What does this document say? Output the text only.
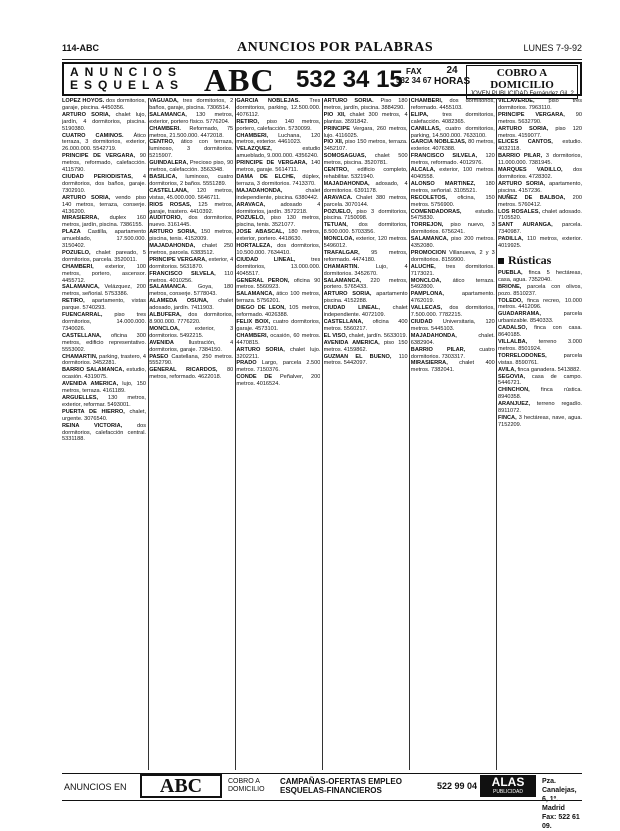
114-ABC	ANUNCIOS POR PALABRAS	LUNES 7-9-92
ANUNCIOS
ESQUELAS ABC 532 34 15 FAX
532 34 67
24
HORAS
COBRO A DOMICILIO
JOVEN PUBLICIDAD Fernández Gil, 2

LOPEZ HOYOS. dos dormitorios, garaje, piscina. 4450356.

ARTURO SORIA, chalet lujo, jardín, 4 dormitorios, piscina. 5190380.

CUATRO CAMINOS. Ático terraza, 3 dormitorios, exterior, 26.000.000. 5542719.

PRINCIPE DE VERGARA, 90 metros, reformado, calefacción. 4115790.

CIUDAD PERIODISTAS, 4 dormitorios, dos baños, garaje. 7302910.

ARTURO SORIA, vendo piso 140 metros, terraza, conserje. 4136200.

MIRASIERRA, duplex 160 metros, jardín, piscina. 7386155.

PLAZA Castilla, apartamento amueblado, 17.500.000. 3150402.

POZUELO, chalet pareado, 5 dormitorios, parcela. 3520011.

CHAMBERI, exterior, 100 metros, portero, ascensor. 4455712.

SALAMANCA, Velázquez, 200 metros, señorial. 5753386.

RETIRO, apartamento, vistas parque. 5740293.

FUENCARRAL, piso tres dormitorios, 14.000.000. 7340026.

CASTELLANA, oficina 300 metros, edificio representativo. 5553002.

CHAMARTIN, parking, trastero, 4 dormitorios. 3452281.

BARRIO SALAMANCA, estudio, ocasión. 4319075.

AVENIDA AMERICA, lujo, 150 metros, terraza. 4161189.

ARGUELLES, 130 metros, exterior, reformar. 5493001.

PUERTA DE HIERRO, chalet, urgente. 3076540.

REINA VICTORIA,	dos dormitorios, calefacción central. 5331188.

VAGUADA, tres dormitorios, 2 baños, garaje, piscina. 7306514.

SALAMANCA, 130 metros, exterior, portero físico. 5776204.

CHAMBERI. Reformado, 75 metros, 21.500.000. 4472018.

CENTRO, ático con terraza, luminoso, 3 dormitorios. 5215907.

GUINDALERA, Precioso piso, 90 metros, calefacción. 3563348.

BASILICA, luminoso, cuatro dormitorios, 2 baños. 5551289.

CASTELLANA, 120 metros, vistas, 45.000.000. 5646711.

RIOS ROSAS, 125 metros, garaje, trastero. 4410392.

AUDITORIO, dos dormitorios, nuevo. 3161445.

ARTURO SORIA, 150 metros, piscina, tenis. 4152009.

MAJADAHONDA, chalet 250 metros, parcela. 6383512.

PRINCIPE VERGARA, exterior, 4 dormitorios. 5631870.

FRANCISCO SILVELA, 110 metros. 4010256.

SALAMANCA. Goya, 180 metros, conserje. 5778043.

ALAMEDA OSUNA, chalet adosado, jardín. 7411903.

ALBUFERA, dos dormitorios, 8.900.000. 7776220.

MONCLOA,	exterior, 3 dormitorios. 5492215.

AVENIDA	Ilustración, 4 dormitorios, garaje. 7384150.

PASEO Castellana, 250 metros. 5552790.

GENERAL RICARDOS, 80 metros, reformado. 4622018.

GARCIA NOBLEJAS. Tres dormitorios, parking, 12.500.000. 4076112.

RETIRO, piso 140 metros, portero, calefacción. 5730099.

CHAMBERI, Luchana, 120 metros, exterior. 4461023.

VELAZQUEZ,	estudio amueblado, 9.000.000. 4356240.

PRINCIPE DE VERGARA, 140 metros, garaje. 5614711.

DAMA DE ELCHE, dúplex, terraza, 3 dormitorios. 7413370.

MAJADAHONDA,	chalet independiente, piscina. 6380442.

ARAVACA,	adosado 4 dormitorios, jardín. 3572218.

POZUELO, piso 130 metros, piscina, tenis. 3521077.

JOSE ABASCAL, 180 metros, exterior, portero. 4418630.

HORTALEZA, dos dormitorios, 10.500.000. 7634410.

CIUDAD LINEAL,	tres dormitorios, 13.000.000. 4045517.

GENERAL PERON, oficina 90 metros. 5560923.

SALAMANCA, ático 100 metros, terraza. 5756201.

DIEGO DE LEON, 105 metros, reformado. 4026388.

FELIX BOIX, cuatro dormitorios, garaje. 4573101.

CHAMBERI, ocasión, 60 metros. 4470815.

ARTURO SORIA, chalet lujo. 3202211.

PRADO Largo, parcela 2.500 metros. 7150376.

CONDE DE Peñalver, 200 metros. 4016524.

ARTURO SORIA. Piso 180 metros, jardín, piscina. 3884290.

PIO XII, chalet 300 metros, 4 plantas. 3591842.

PRINCIPE Vergara, 260 metros, lujo. 4116025.

PIO XII, piso 150 metros, terraza. 3452107.

SOMOSAGUAS, chalet 500 metros, piscina. 3520781.

CENTRO, edificio completo, rehabilitar. 5321940.

MAJADAHONDA, adosado, 4 dormitorios. 6391178.

ARAVACA. Chalet 380 metros, parcela. 3070144.

POZUELO, piso 3 dormitorios, piscina. 7150098.

TETUAN, dos dormitorios, 8.500.000. 5703356.

MONCLOA, exterior, 120 metros. 5496012.

TRAFALGAR, 95 metros, reformado. 4474180.

CHAMARTIN.	Lujo, 4 dormitorios. 3452670.

SALAMANCA, 220 metros, portero. 5765433.

ARTURO SORIA, apartamento piscina. 4152288.

CIUDAD LINEAL, chalet independiente. 4072109.

CASTELLANA, oficina 400 metros. 5560217.

EL VISO, chalet, jardín. 5633019.

AVENIDA AMERICA, piso 150 metros. 4159862.

GUZMAN EL BUENO, 110 metros. 5442097.

CHAMBERI, dos dormitorios, reformado. 4455103.

ELIPA, tres dormitorios, calefacción. 4082365.

CANILLAS, cuatro dormitorios, parking, 14.500.000. 7633100.

GARCIA NOBLEJAS, 80 metros, exterior. 4076388.

FRANCISCO SILVELA, 120 metros, reformado. 4012976.

ALCALA, exterior, 100 metros. 4040558.

ALONSO MARTINEZ, 180 metros, señorial. 3105521.

RECOLETOS, oficina, 150 metros. 5756900.

COMENDADORAS, estudio. 5475830.

TORREJON, piso nuevo, 3 dormitorios. 6756241.

SALAMANCA, piso 200 metros. 4352080.

PROMOCION Villanueva, 2 y 3 dormitorios. 8159900.

ALUCHE, tres dormitorios. 7173021.

MONCLOA, ático terraza. 5492800.

PAMPLONA,	apartamento. 4762019.

VALLECAS, dos dormitorios, 7.500.000. 7782215.

CIUDAD Universitaria, 120 metros. 5445103.

MAJADAHONDA,	chalet. 6382904.

BARRIO PILAR,	cuatro dormitorios. 7303317.

MIRASIERRA, chalet 400 metros. 7382041.

VILLAVERDE, piso tres dormitorios. 7963110.

PRINCIPE VERGARA, 90 metros. 5632790.

ARTURO SORIA, piso 120 metros. 4159077.

ELICES CANTOS, estudio. 4032118.

BARRIO PILAR, 3 dormitorios, 11.000.000. 7381945.

MARQUES VADILLO, dos dormitorios. 4728302.

ARTURO SORIA, apartamento, piscina. 4157236.

NUÑEZ DE BALBOA, 200 metros. 5760412.

LOS ROSALES, chalet adosado. 7105520.

SANT AURANGA, parcela. 7340987.

PADILLA, 110 metros, exterior. 4019925.

Rústicas

PUEBLA, finca 5 hectáreas, casa, agua. 7352040.

BRIONE, parcela con olivos, pozo. 8510237.

TOLEDO, finca recreo, 10.000 metros. 4412096.

GUADARRAMA,	parcela urbanizable. 8540333.

CADALSO, finca con casa. 8640185.

VILLALBA, terreno 3.000 metros. 8501924.

TORRELODONES,	parcela vistas. 8590761.

AVILA, finca ganadera. 5413882.

SEGOVIA, casa de campo. 5446721.

CHINCHON, finca rústica. 8940358.

ARANJUEZ, terreno regadío. 8911072.

FINCA, 3 hectáreas, nave, agua. 7152209.

ANUNCIOS EN	ABC	COBRO A
DOMICILIO
CAMPAÑAS-OFERTAS EMPLEO
ESQUELAS-FINANCIEROS	522 99 04	ALAS
PUBLICIDAD
Pza. Canalejas, 6, 1º. Madrid
Fax: 522 61 09.
